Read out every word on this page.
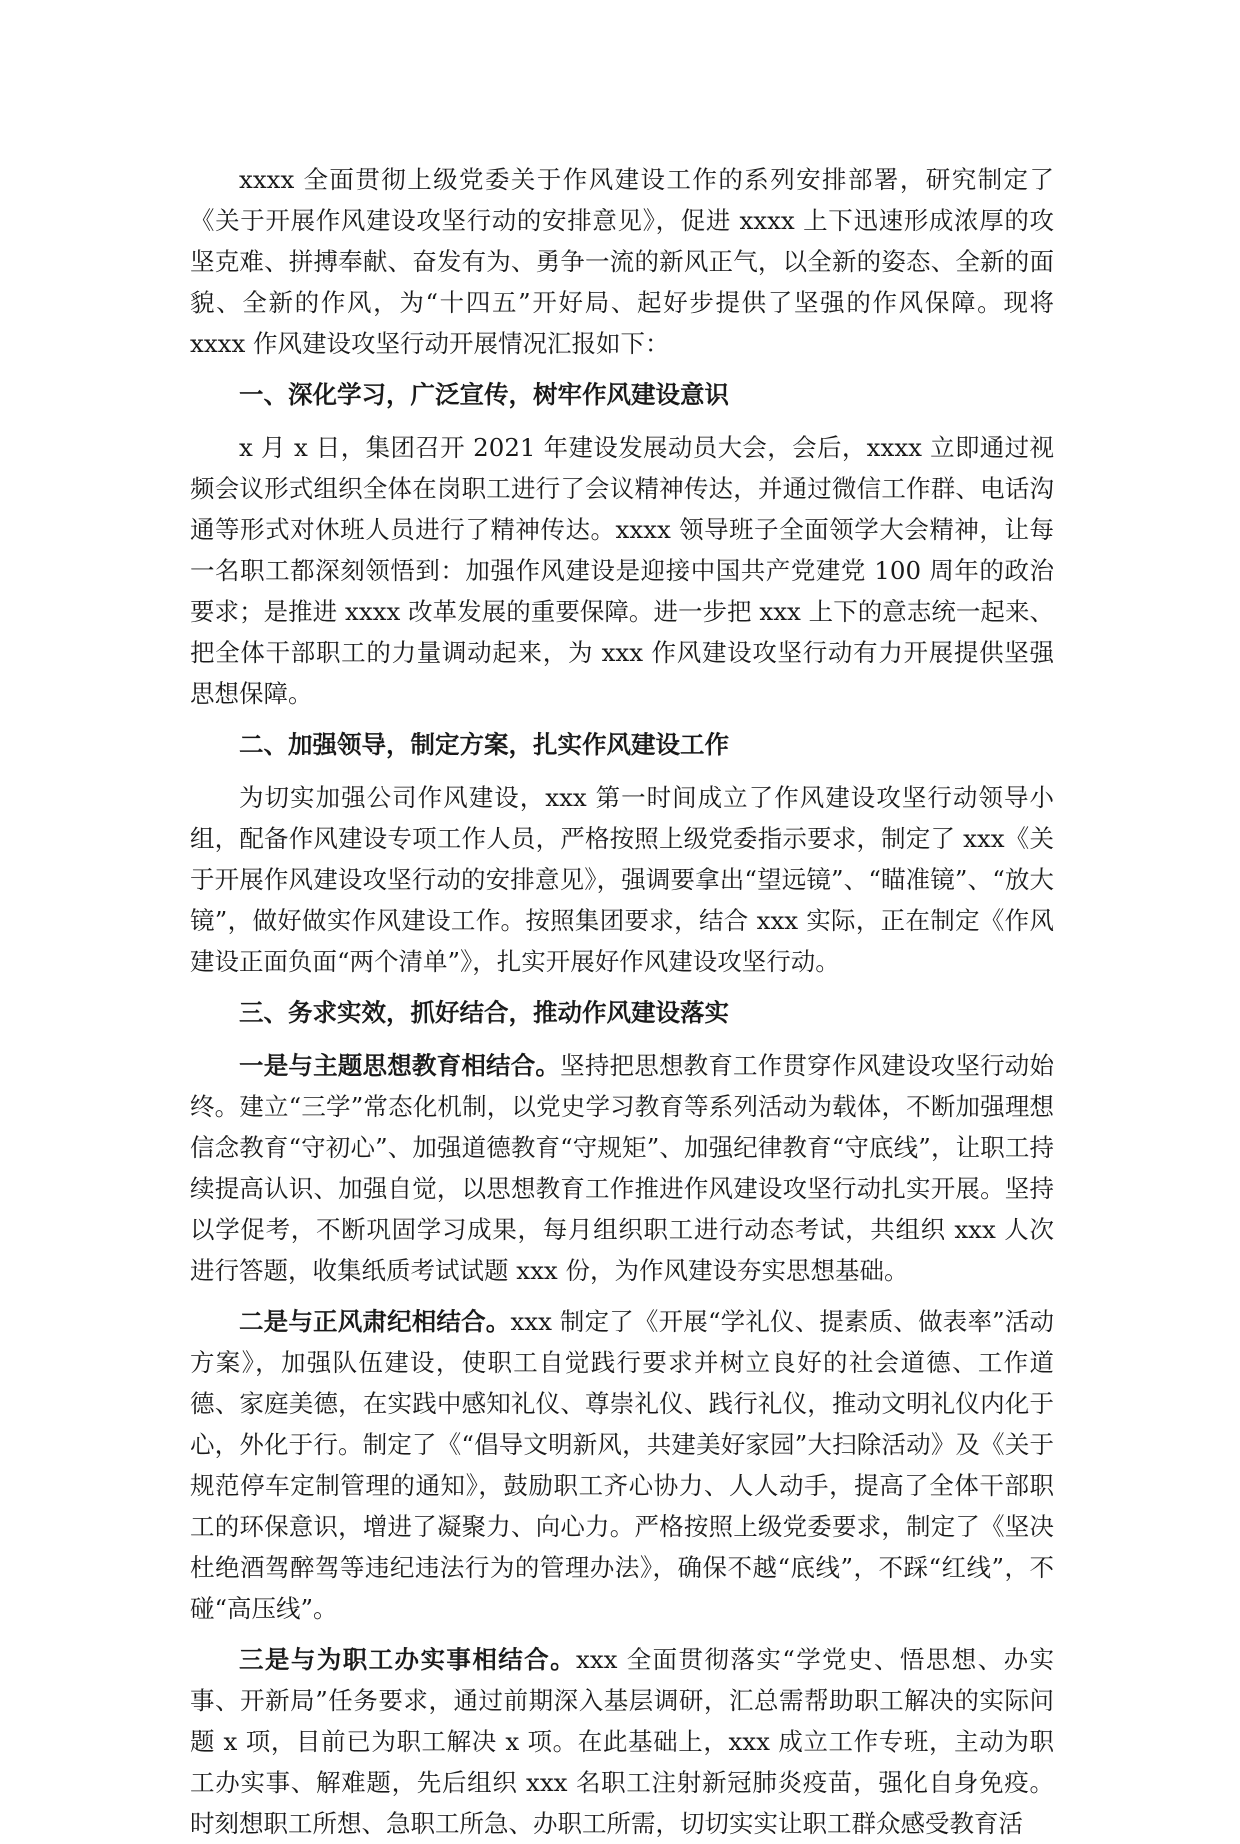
xxxx 全面贯彻上级党委关于作风建设工作的系列安排部署，研究制定了《关于开展作风建设攻坚行动的安排意见》，促进 xxxx 上下迅速形成浓厚的攻坚克难、拼搏奉献、奋发有为、勇争一流的新风正气，以全新的姿态、全新的面貌、全新的作风，为“十四五”开好局、起好步提供了坚强的作风保障。现将 xxxx 作风建设攻坚行动开展情况汇报如下：

一、深化学习，广泛宣传，树牢作风建设意识

x 月 x 日，集团召开 2021 年建设发展动员大会，会后，xxxx 立即通过视频会议形式组织全体在岗职工进行了会议精神传达，并通过微信工作群、电话沟通等形式对休班人员进行了精神传达。xxxx 领导班子全面领学大会精神，让每一名职工都深刻领悟到：加强作风建设是迎接中国共产党建党 100 周年的政治要求；是推进 xxxx 改革发展的重要保障。进一步把 xxx 上下的意志统一起来、把全体干部职工的力量调动起来，为 xxx 作风建设攻坚行动有力开展提供坚强思想保障。

二、加强领导，制定方案，扎实作风建设工作

为切实加强公司作风建设，xxx 第一时间成立了作风建设攻坚行动领导小组，配备作风建设专项工作人员，严格按照上级党委指示要求，制定了 xxx《关于开展作风建设攻坚行动的安排意见》，强调要拿出“望远镜”、“瞄准镜”、“放大镜”，做好做实作风建设工作。按照集团要求，结合 xxx 实际，正在制定《作风建设正面负面“两个清单”》，扎实开展好作风建设攻坚行动。

三、务求实效，抓好结合，推动作风建设落实

一是与主题思想教育相结合。坚持把思想教育工作贯穿作风建设攻坚行动始终。建立“三学”常态化机制，以党史学习教育等系列活动为载体，不断加强理想信念教育“守初心”、加强道德教育“守规矩”、加强纪律教育“守底线”，让职工持续提高认识、加强自觉，以思想教育工作推进作风建设攻坚行动扎实开展。坚持以学促考，不断巩固学习成果，每月组织职工进行动态考试，共组织 xxx 人次进行答题，收集纸质考试试题 xxx 份，为作风建设夯实思想基础。

二是与正风肃纪相结合。xxx 制定了《开展“学礼仪、提素质、做表率”活动方案》，加强队伍建设，使职工自觉践行要求并树立良好的社会道德、工作道德、家庭美德，在实践中感知礼仪、尊崇礼仪、践行礼仪，推动文明礼仪内化于心，外化于行。制定了《“倡导文明新风，共建美好家园”大扫除活动》及《关于规范停车定制管理的通知》，鼓励职工齐心协力、人人动手，提高了全体干部职工的环保意识，增进了凝聚力、向心力。严格按照上级党委要求，制定了《坚决杜绝酒驾醉驾等违纪违法行为的管理办法》，确保不越“底线”，不踩“红线”，不碰“高压线”。

三是与为职工办实事相结合。xxx 全面贯彻落实“学党史、悟思想、办实事、开新局”任务要求，通过前期深入基层调研，汇总需帮助职工解决的实际问题 x 项，目前已为职工解决 x 项。在此基础上，xxx 成立工作专班，主动为职工办实事、解难题，先后组织 xxx 名职工注射新冠肺炎疫苗，强化自身免疫。时刻想职工所想、急职工所急、办职工所需，切切实实让职工群众感受教育活
